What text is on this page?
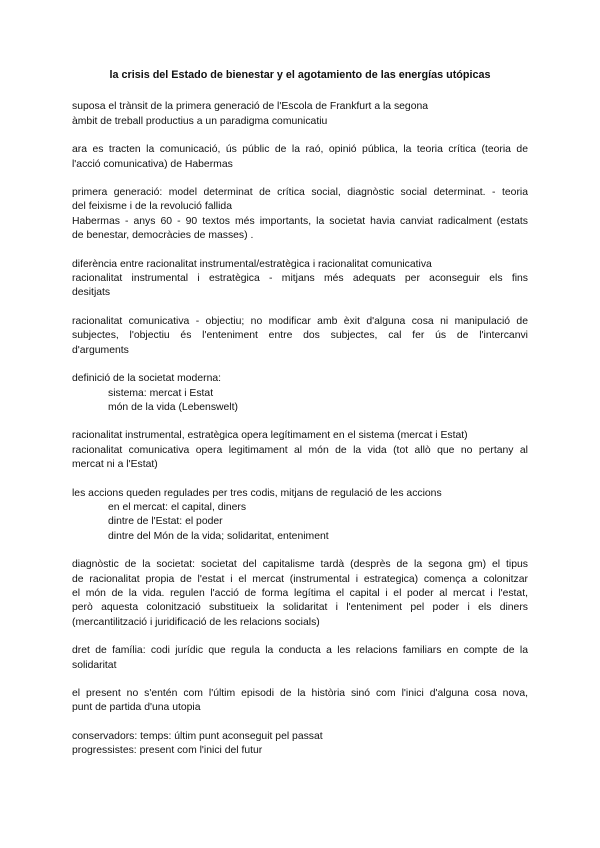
la crisis del Estado de bienestar y el agotamiento de las energías utópicas
suposa el trànsit de la primera generació de l'Escola de Frankfurt a la segona
àmbit de treball productius a un paradigma comunicatiu
ara es tracten la comunicació, ús públic de la raó, opinió pública, la teoria crítica (teoria de
l'acció comunicativa) de Habermas
primera generació: model determinat de crítica social, diagnòstic social determinat. - teoria
del feixisme i de la revolució fallida
Habermas - anys 60 - 90 textos més importants, la societat havia canviat radicalment (estats
de benestar, democràcies de masses) .
diferència entre racionalitat instrumental/estratègica i racionalitat comunicativa
racionalitat instrumental i estratègica - mitjans més adequats per aconseguir els fins
desitjats
racionalitat comunicativa - objectiu; no modificar amb èxit d'alguna cosa ni manipulació de
subjectes, l'objectiu és l'enteniment entre dos subjectes, cal fer ús de l'intercanvi
d'arguments
definició de la societat moderna:
sistema: mercat i Estat
món de la vida (Lebenswelt)
racionalitat instrumental, estratègica opera legítimament en el sistema (mercat i Estat)
racionalitat comunicativa opera legitimament al món de la vida (tot allò que no pertany al
mercat ni a l'Estat)
les accions queden regulades per tres codis, mitjans de regulació de les accions
en el mercat: el capital, diners
dintre de l'Estat: el poder
dintre del Món de la vida; solidaritat, enteniment
diagnòstic de la societat: societat del capitalisme tardà (desprès de la segona gm) el tipus
de racionalitat propia de l'estat i el mercat (instrumental i estrategica) comença a colonitzar
el món de la vida. regulen l'acció de forma legítima el capital i el poder al mercat i l'estat,
però aquesta colonització substitueix la solidaritat i l'enteniment pel poder i els diners
(mercantilització i juridificació de les relacions socials)
dret de família: codi jurídic que regula la conducta a les relacions familiars en compte de la
solidaritat
el present no s'entén com l'últim episodi de la història sinó com l'inici d'alguna cosa nova,
punt de partida d'una utopia
conservadors: temps: últim punt aconseguit pel passat
progressistes: present com l'inici del futur
